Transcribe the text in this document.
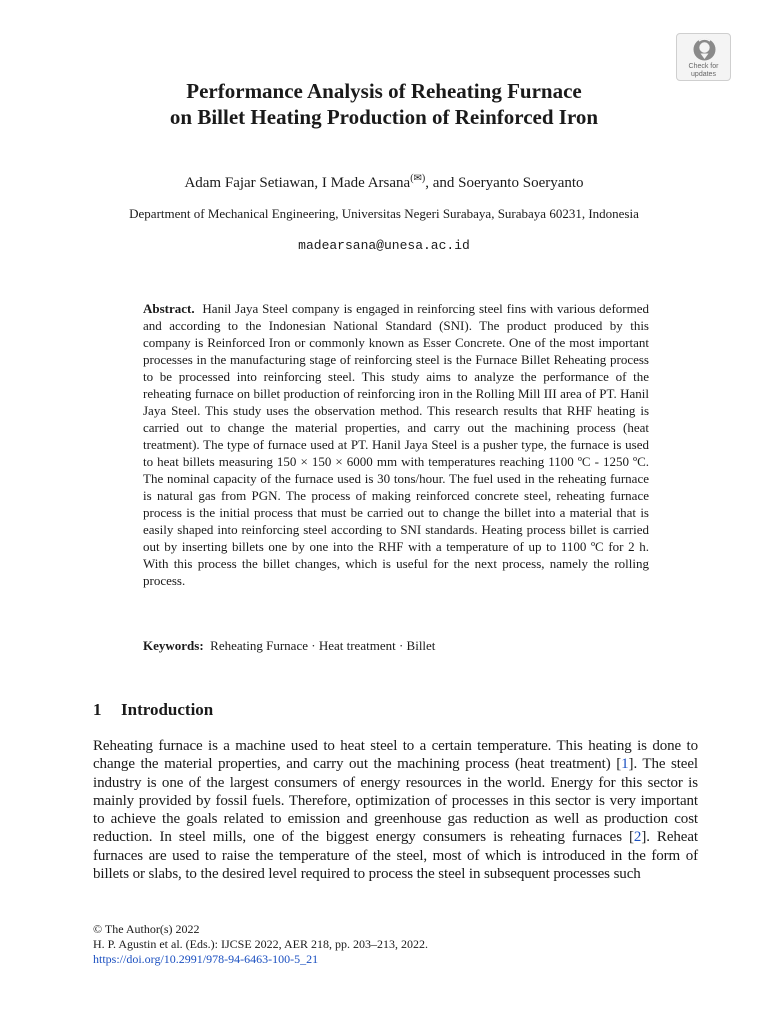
Check for
updates
Performance Analysis of Reheating Furnace
on Billet Heating Production of Reinforced Iron
Adam Fajar Setiawan, I Made Arsana(✉), and Soeryanto Soeryanto
Department of Mechanical Engineering, Universitas Negeri Surabaya, Surabaya 60231, Indonesia
madearsana@unesa.ac.id

Abstract. Hanil Jaya Steel company is engaged in reinforcing steel fins with various deformed and according to the Indonesian National Standard (SNI). The product produced by this company is Reinforced Iron or commonly known as Esser Concrete. One of the most important processes in the manufacturing stage of reinforcing steel is the Furnace Billet Reheating process to be processed into reinforcing steel. This study aims to analyze the performance of the reheating furnace on billet production of reinforcing iron in the Rolling Mill III area of PT. Hanil Jaya Steel. This study uses the observation method. This research results that RHF heating is carried out to change the material properties, and carry out the machining process (heat treatment). The type of furnace used at PT. Hanil Jaya Steel is a pusher type, the furnace is used to heat billets measuring 150 × 150 × 6000 mm with temperatures reaching 1100 ºC - 1250 ºC. The nominal capacity of the furnace used is 30 tons/hour. The fuel used in the reheating furnace is natural gas from PGN. The process of making reinforced concrete steel, reheating furnace process is the initial process that must be carried out to change the billet into a material that is easily shaped into reinforcing steel according to SNI standards. Heating process billet is carried out by inserting billets one by one into the RHF with a temperature of up to 1100 ºC for 2 h. With this process the billet changes, which is useful for the next process, namely the rolling process.

Keywords: Reheating Furnace · Heat treatment · Billet

1 Introduction

Reheating furnace is a machine used to heat steel to a certain temperature. This heating is done to change the material properties, and carry out the machining process (heat treatment) [1]. The steel industry is one of the largest consumers of energy resources in the world. Energy for this sector is mainly provided by fossil fuels. Therefore, optimization of processes in this sector is very important to achieve the goals related to emission and greenhouse gas reduction as well as production cost reduction. In steel mills, one of the biggest energy consumers is reheating furnaces [2]. Reheat furnaces are used to raise the temperature of the steel, most of which is introduced in the form of billets or slabs, to the desired level required to process the steel in subsequent processes such

© The Author(s) 2022
H. P. Agustin et al. (Eds.): IJCSE 2022, AER 218, pp. 203–213, 2022.
https://doi.org/10.2991/978-94-6463-100-5_21
